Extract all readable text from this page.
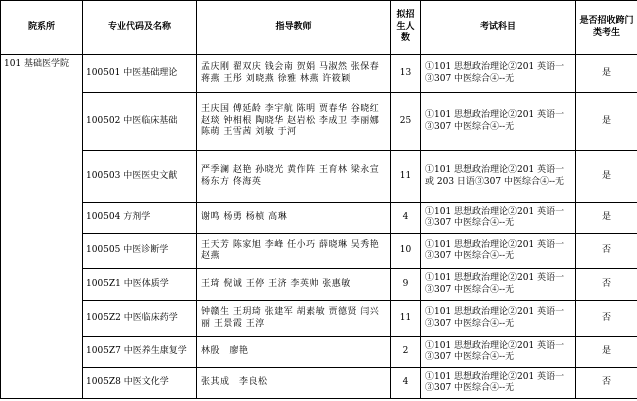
院系所	专业代码及名称	指导教师	拟招生人数	考试科目	是否招收跨门类考生
101 基础医学院	100501 中医基础理论	孟庆刚 翟双庆 钱会南 贺娟 马淑然 张保春 蒋燕 王彤 刘晓燕 徐雅 林燕 许筱颖	13	①101 思想政治理论②201 英语一③307 中医综合④--无	是
	100502 中医临床基础	王庆国 傅延龄 李宇航 陈明 贾春华 谷晓红 赵琰 钟相根 陶晓华 赵岩松 李成卫 李丽娜 陈萌 王雪茜 刘敏 于河	25	①101 思想政治理论②201 英语一③307 中医综合④--无	是
	100503 中医医史文献	严季澜 赵艳 孙晓光 黄作阵 王育林 梁永宣 杨东方 佟海英	11	①101 思想政治理论②201 英语一或 203 日语③307 中医综合④--无	是
	100504 方剂学	谢鸣 杨勇 杨桢 高琳	4	①101 思想政治理论②201 英语一③307 中医综合④--无	是
	100505 中医诊断学	王天芳 陈家旭 李峰 任小巧 薛晓琳 吴秀艳 赵燕	10	①101 思想政治理论②201 英语一③307 中医综合④--无	否
	1005Z1 中医体质学	王琦 倪诚 王停 王济 李英帅 张惠敏	9	①101 思想政治理论②201 英语一③307 中医综合④--无	否
	1005Z2 中医临床药学	钟赣生 王玥琦 张建军 胡素敏 贾德贤 闫兴丽 王景霞 王淳	11	①101 思想政治理论②201 英语一③307 中医综合④--无	否
	1005Z7 中医养生康复学	林殷　廖艳	2	①101 思想政治理论②201 英语一③307 中医综合④--无	是
	1005Z8 中医文化学	张其成　李良松	4	①101 思想政治理论②201 英语一③307 中医综合④--无	否
